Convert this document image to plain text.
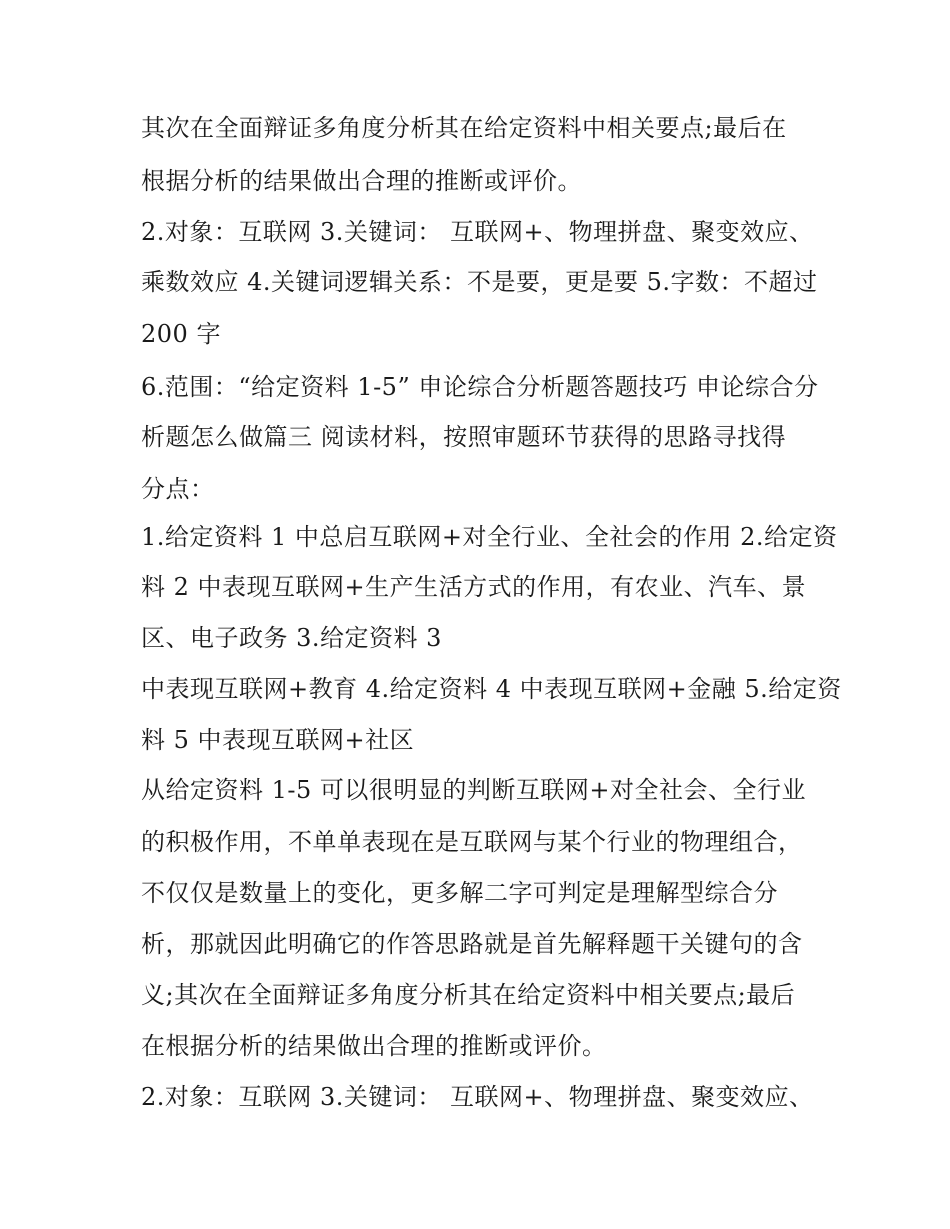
其次在全面辩证多角度分析其在给定资料中相关要点;最后在
根据分析的结果做出合理的推断或评价。
2.对象：互联网 3.关键词： 互联网+、物理拼盘、聚变效应、
乘数效应 4.关键词逻辑关系：不是要，更是要 5.字数：不超过
200 字
6.范围：“给定资料 1-5” 申论综合分析题答题技巧 申论综合分
析题怎么做篇三 阅读材料，按照审题环节获得的思路寻找得
分点：
1.给定资料 1 中总启互联网+对全行业、全社会的作用 2.给定资
料 2 中表现互联网+生产生活方式的作用，有农业、汽车、景
区、电子政务 3.给定资料 3
中表现互联网+教育 4.给定资料 4 中表现互联网+金融 5.给定资
料 5 中表现互联网+社区
从给定资料 1-5 可以很明显的判断互联网+对全社会、全行业
的积极作用，不单单表现在是互联网与某个行业的物理组合，
不仅仅是数量上的变化，更多解二字可判定是理解型综合分
析，那就因此明确它的作答思路就是首先解释题干关键句的含
义;其次在全面辩证多角度分析其在给定资料中相关要点;最后
在根据分析的结果做出合理的推断或评价。
2.对象：互联网 3.关键词： 互联网+、物理拼盘、聚变效应、
